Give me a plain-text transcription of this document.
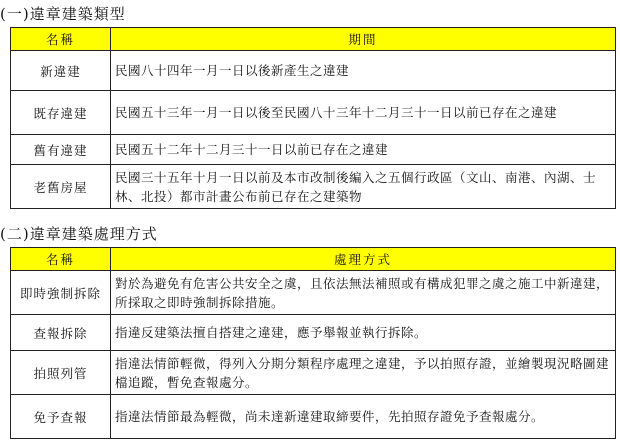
(一)違章建築類型
名稱	期間
新違建	民國八十四年一月一日以後新產生之違建
既存違建	民國五十三年一月一日以後至民國八十三年十二月三十一日以前已存在之違建
舊有違建	民國五十二年十二月三十一日以前已存在之違建
老舊房屋	民國三十五年十月一日以前及本市改制後編入之五個行政區（文山、南港、內湖、士林、北投）都市計畫公布前已存在之建築物
(二)違章建築處理方式
名稱	處理方式
即時強制拆除	對於為避免有危害公共安全之虞，且依法無法補照或有構成犯罪之虞之施工中新違建，所採取之即時強制拆除措施。
查報拆除	指違反建築法擅自搭建之違建，應予舉報並執行拆除。
拍照列管	指違法情節輕微，得列入分期分類程序處理之違建，予以拍照存證，並繪製現況略圖建檔追蹤，暫免查報處分。
免予查報	指違法情節最為輕微，尚未達新違建取締要件，先拍照存證免予查報處分。
